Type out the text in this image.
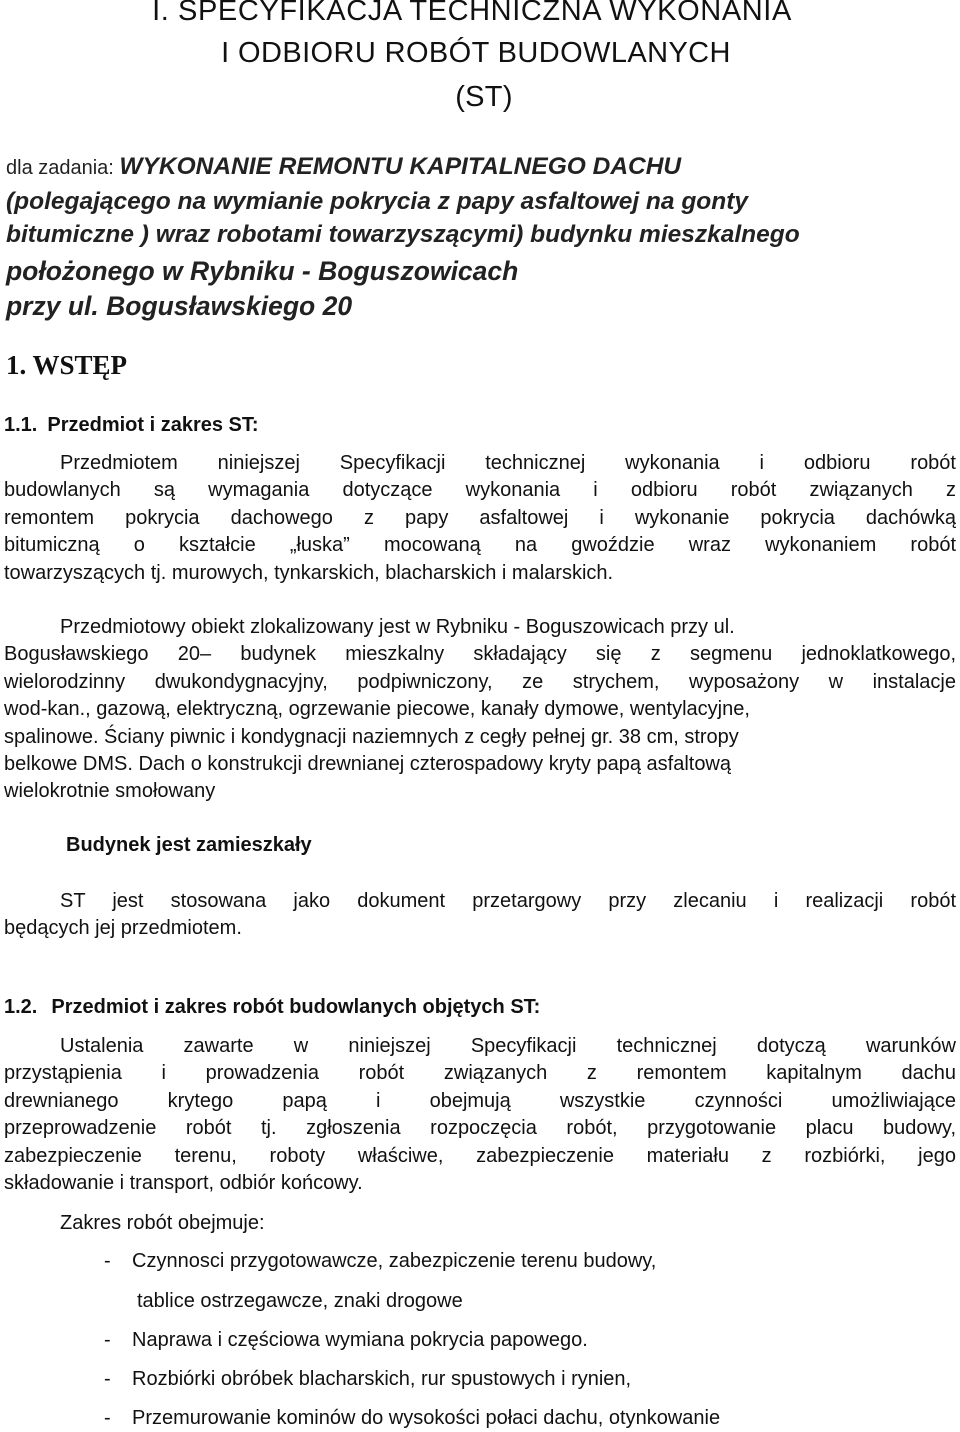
I. SPECYFIKACJA TECHNICZNA WYKONANIA
I ODBIORU ROBÓT BUDOWLANYCH
(ST)
dla zadania: WYKONANIE REMONTU KAPITALNEGO DACHU
(polegającego na wymianie pokrycia z papy asfaltowej na gonty
bitumiczne ) wraz robotami towarzyszącymi) budynku mieszkalnego
położonego w Rybniku - Boguszowicach
przy ul. Bogusławskiego 20
1. WSTĘP
1.1. Przedmiot i zakres ST:
Przedmiotem niniejszej Specyfikacji technicznej wykonania i odbioru robót
budowlanych są wymagania dotyczące wykonania i odbioru robót związanych z
remontem pokrycia dachowego z papy asfaltowej i wykonanie pokrycia dachówką
bitumiczną o kształcie „łuska” mocowaną na gwoździe wraz wykonaniem robót
towarzyszących tj. murowych, tynkarskich, blacharskich i malarskich.
Przedmiotowy obiekt zlokalizowany jest w Rybniku - Boguszowicach przy ul.
Bogusławskiego 20– budynek mieszkalny składający się z segmenu jednoklatkowego,
wielorodzinny dwukondygnacyjny, podpiwniczony, ze strychem, wyposażony w instalacje
wod-kan., gazową, elektryczną, ogrzewanie piecowe, kanały dymowe, wentylacyjne,
spalinowe. Ściany piwnic i kondygnacji naziemnych z cegły pełnej gr. 38 cm, stropy
belkowe DMS. Dach o konstrukcji drewnianej czterospadowy kryty papą asfaltową
wielokrotnie smołowany
Budynek jest zamieszkały
ST jest stosowana jako dokument przetargowy przy zlecaniu i realizacji robót
będących jej przedmiotem.
1.2. Przedmiot i zakres robót budowlanych objętych ST:
Ustalenia zawarte w niniejszej Specyfikacji technicznej dotyczą warunków
przystąpienia i prowadzenia robót związanych z remontem kapitalnym dachu
drewnianego krytego papą i obejmują wszystkie czynności umożliwiające
przeprowadzenie robót tj. zgłoszenia rozpoczęcia robót, przygotowanie placu budowy,
zabezpieczenie terenu, roboty właściwe, zabezpieczenie materiału z rozbiórki, jego
składowanie i transport, odbiór końcowy.
Zakres robót obejmuje:
- Czynnosci przygotowawcze, zabezpiczenie terenu budowy,
tablice ostrzegawcze, znaki drogowe
- Naprawa i częściowa wymiana pokrycia papowego.
- Rozbiórki obróbek blacharskich, rur spustowych i rynien,
- Przemurowanie kominów do wysokości połaci dachu, otynkowanie
